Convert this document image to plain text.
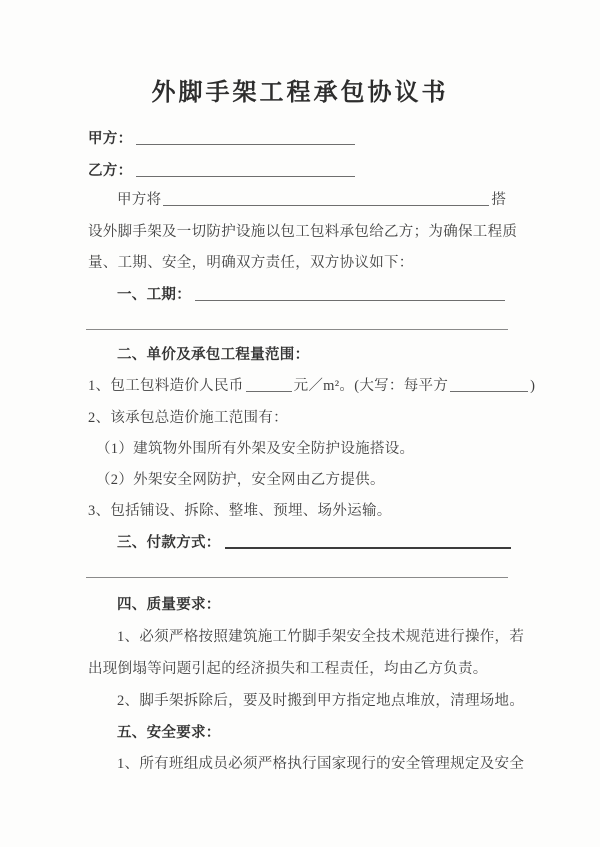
外脚手架工程承包协议书
甲方：
乙方：
甲方将	搭
设外脚手架及一切防护设施以包工包料承包给乙方；为确保工程质
量、工期、安全，明确双方责任，双方协议如下：
一、工期：
二、单价及承包工程量范围：
1、包工包料造价人民币	元／m²。(大写：每平方	)
2、该承包总造价施工范围有：
（1）建筑物外围所有外架及安全防护设施搭设。
（2）外架安全网防护，安全网由乙方提供。
3、包括铺设、拆除、整堆、预埋、场外运输。
三、付款方式：
四、质量要求：
1、必须严格按照建筑施工竹脚手架安全技术规范进行操作，若
出现倒塌等问题引起的经济损失和工程责任，均由乙方负责。
2、脚手架拆除后，要及时搬到甲方指定地点堆放，清理场地。
五、安全要求：
1、所有班组成员必须严格执行国家现行的安全管理规定及安全
